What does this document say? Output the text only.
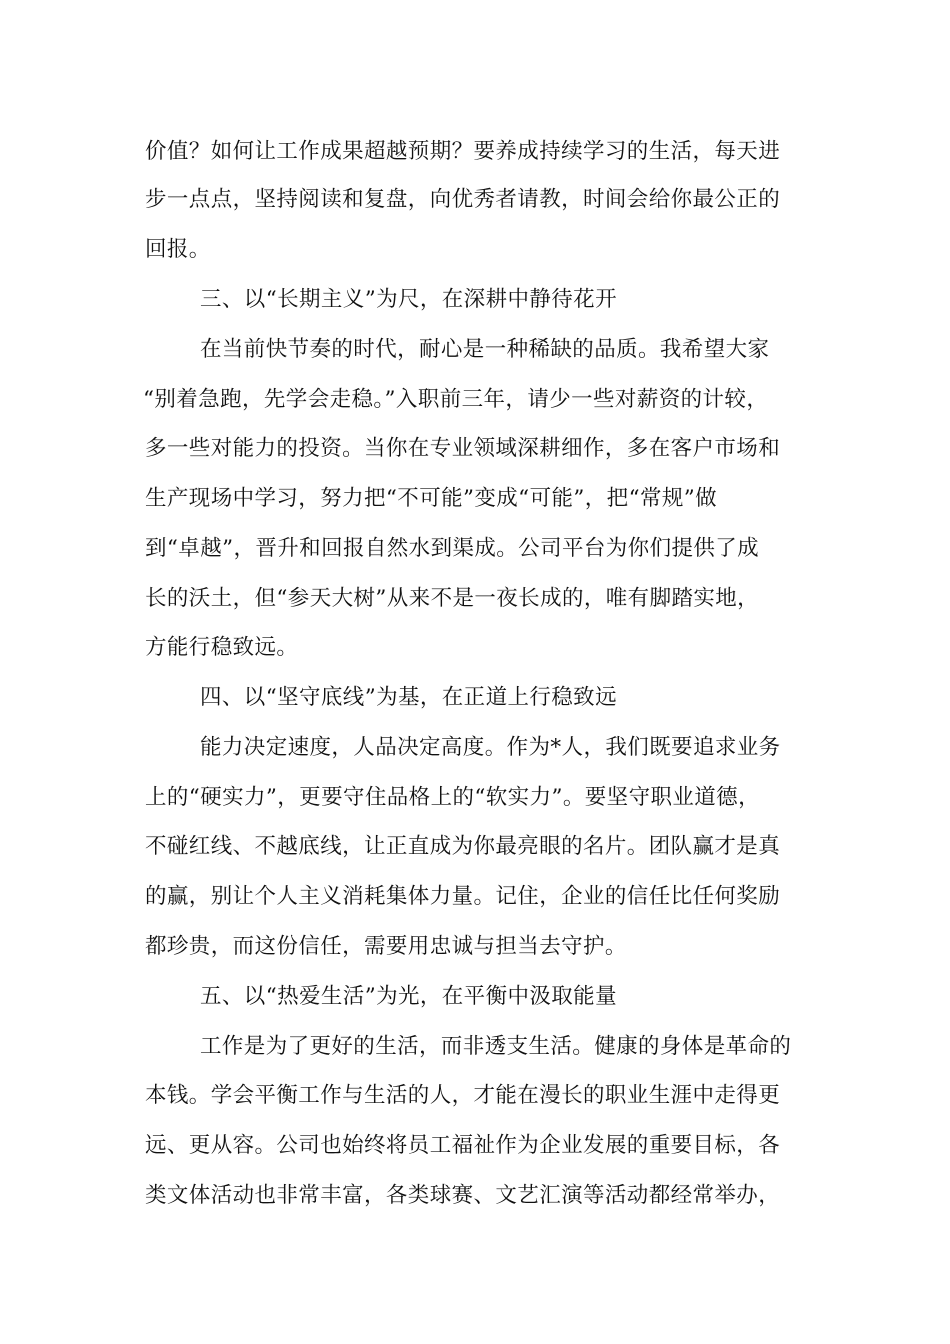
价值？如何让工作成果超越预期？要养成持续学习的生活，每天进
步一点点，坚持阅读和复盘，向优秀者请教，时间会给你最公正的
回报。
三、以“长期主义”为尺，在深耕中静待花开
在当前快节奏的时代，耐心是一种稀缺的品质。我希望大家
“别着急跑，先学会走稳。”入职前三年，请少一些对薪资的计较，
多一些对能力的投资。当你在专业领域深耕细作，多在客户市场和
生产现场中学习，努力把“不可能”变成“可能”，把“常规”做
到“卓越”，晋升和回报自然水到渠成。公司平台为你们提供了成
长的沃土，但“参天大树”从来不是一夜长成的，唯有脚踏实地，
方能行稳致远。
四、以“坚守底线”为基，在正道上行稳致远
能力决定速度，人品决定高度。作为*人，我们既要追求业务
上的“硬实力”，更要守住品格上的“软实力”。要坚守职业道德，
不碰红线、不越底线，让正直成为你最亮眼的名片。团队赢才是真
的赢，别让个人主义消耗集体力量。记住，企业的信任比任何奖励
都珍贵，而这份信任，需要用忠诚与担当去守护。
五、以“热爱生活”为光，在平衡中汲取能量
工作是为了更好的生活，而非透支生活。健康的身体是革命的
本钱。学会平衡工作与生活的人，才能在漫长的职业生涯中走得更
远、更从容。公司也始终将员工福祉作为企业发展的重要目标，各
类文体活动也非常丰富，各类球赛、文艺汇演等活动都经常举办，
